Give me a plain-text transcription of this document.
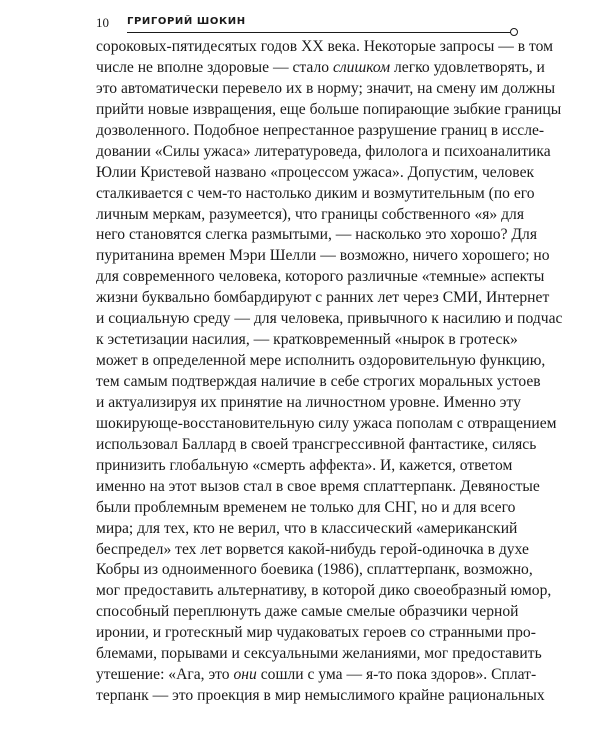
10 ГРИГОРИЙ ШОКИН
сороковых-пятидесятых годов XX века. Некоторые запросы — в том
числе не вполне здоровые — стало слишком легко удовлетворять, и
это автоматически перевело их в норму; значит, на смену им должны
прийти новые извращения, еще больше попирающие зыбкие границы
дозволенного. Подобное непрестанное разрушение границ в иссле-
довании «Силы ужаса» литературоведа, филолога и психоаналитика
Юлии Кристевой названо «процессом ужаса». Допустим, человек
сталкивается с чем-то настолько диким и возмутительным (по его
личным меркам, разумеется), что границы собственного «я» для
него становятся слегка размытыми, — насколько это хорошо? Для
пуританина времен Мэри Шелли — возможно, ничего хорошего; но
для современного человека, которого различные «темные» аспекты
жизни буквально бомбардируют с ранних лет через СМИ, Интернет
и социальную среду — для человека, привычного к насилию и подчас
к эстетизации насилия, — кратковременный «нырок в гротеск»
может в определенной мере исполнить оздоровительную функцию,
тем самым подтверждая наличие в себе строгих моральных устоев
и актуализируя их принятие на личностном уровне. Именно эту
шокирующе-восстановительную силу ужаса пополам с отвращением
использовал Баллард в своей трансгрессивной фантастике, силясь
принизить глобальную «смерть аффекта». И, кажется, ответом
именно на этот вызов стал в свое время сплаттерпанк. Девяностые
были проблемным временем не только для СНГ, но и для всего
мира; для тех, кто не верил, что в классический «американский
беспредел» тех лет ворвется какой-нибудь герой-одиночка в духе
Кобры из одноименного боевика (1986), сплаттерпанк, возможно,
мог предоставить альтернативу, в которой дико своеобразный юмор,
способный переплюнуть даже самые смелые образчики черной
иронии, и гротескный мир чудаковатых героев со странными про-
блемами, порывами и сексуальными желаниями, мог предоставить
утешение: «Ага, это они сошли с ума — я-то пока здоров». Сплат-
терпанк — это проекция в мир немыслимого крайне рациональных
